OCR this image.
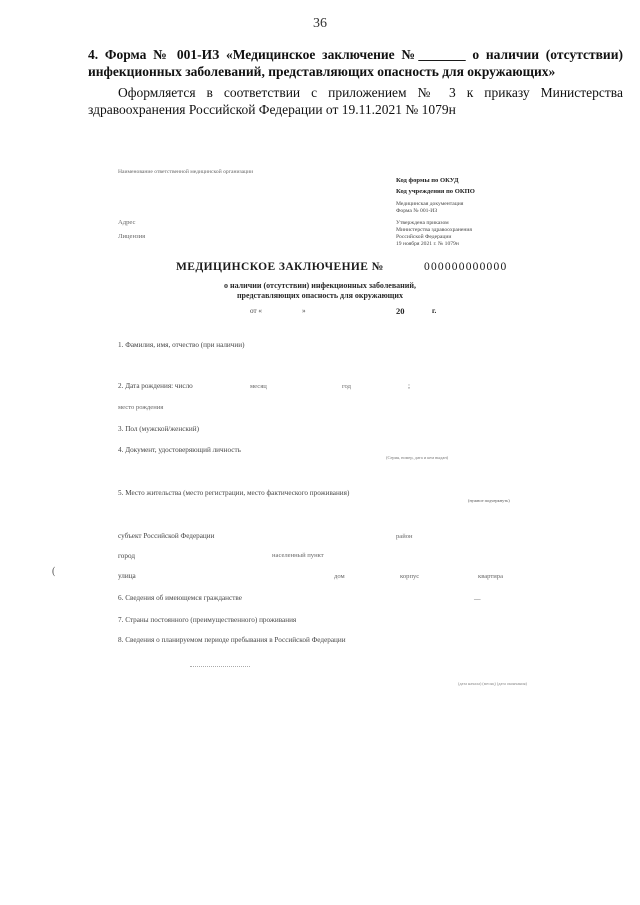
36
4. Форма № 001-ИЗ «Медицинское заключение №_______ о наличии (отсутствии) инфекционных заболеваний, представляющих опасность для окружающих»
Оформляется в соответствии с приложением № 3 к приказу Министерства здравоохранения Российской Федерации от 19.11.2021 № 1079н
Наименование ответственной медицинской организации
Адрес
Лицензия
Код формы по ОКУД
Код учреждения по ОКПО
Медицинская документация
Форма № 001-ИЗ
Утверждена приказом
Министерства здравоохранения
Российской Федерации
19 ноября 2021 г. № 1079н
МЕДИЦИНСКОЕ ЗАКЛЮЧЕНИЕ №	000000000000
о наличии (отсутствии) инфекционных заболеваний,
представляющих опасность для окружающих
от «	»	20	г.
1. Фамилия, имя, отчество (при наличии)
2. Дата рождения: число	месяц	год	;
место рождения
3. Пол (мужской/женский)
4. Документ, удостоверяющий личность
(Серия, номер, дата и кем выдан)
5. Место жительства (место регистрации, место фактического проживания)
(нужное подчеркнуть)
субъект Российской Федерации	район
город	населенный пункт
улица	дом	корпус	квартира
6. Сведения об имеющемся гражданстве	__
7. Страны постоянного (преимущественного) проживания
8. Сведения о планируемом периоде пребывания в Российской Федерации
(дата начала) (месяц) (дата окончания)
(
